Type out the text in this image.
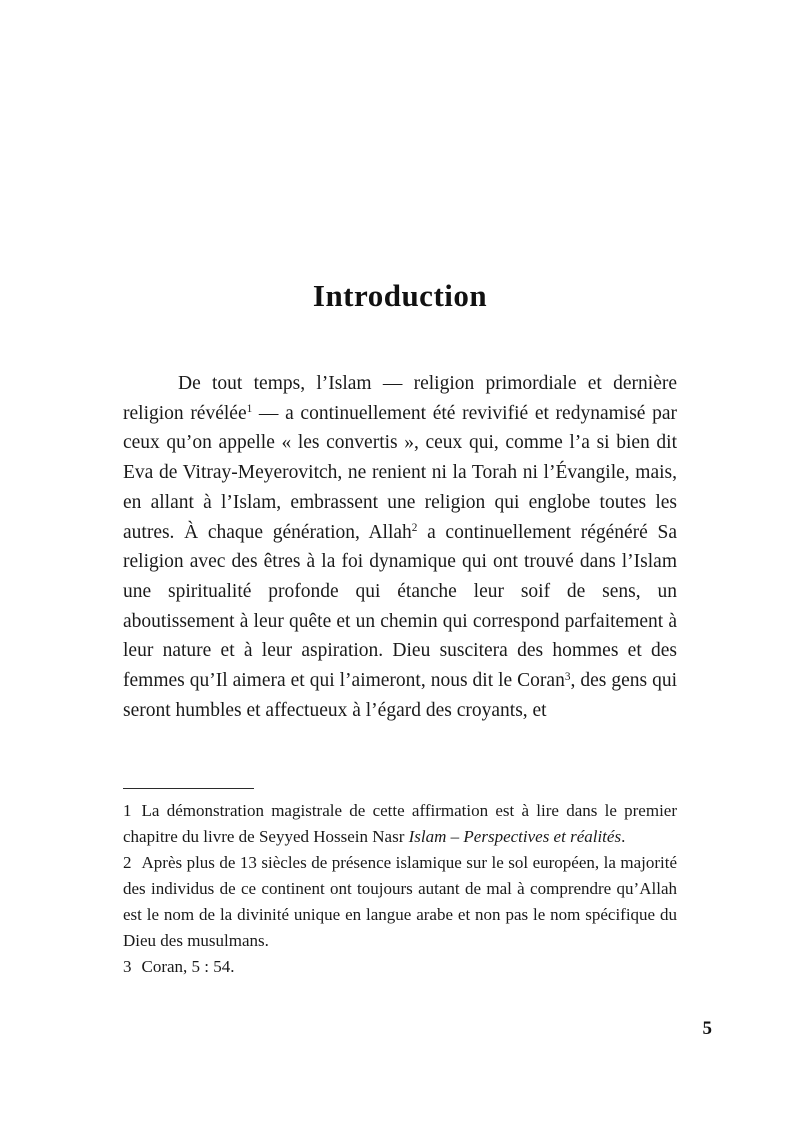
Introduction

De tout temps, l’Islam — religion primordiale et dernière religion révélée$^1$ — a continuellement été revivifié et redynamisé par ceux qu’on appelle « les convertis », ceux qui, comme l’a si bien dit Eva de Vitray-Meyerovitch, ne renient ni la Torah ni l’Évangile, mais, en allant à l’Islam, embrassent une religion qui englobe toutes les autres. À chaque génération, Allah$^2$ a continuellement régénéré Sa religion avec des êtres à la foi dynamique qui ont trouvé dans l’Islam une spiritualité profonde qui étanche leur soif de sens, un aboutissement à leur quête et un chemin qui correspond parfaitement à leur nature et à leur aspiration. Dieu suscitera des hommes et des femmes qu’Il aimera et qui l’aimeront, nous dit le Coran$^3$, des gens qui seront humbles et affectueux à l’égard des croyants, et

1 La démonstration magistrale de cette affirmation est à lire dans le premier chapitre du livre de Seyyed Hossein Nasr Islam – Perspectives et réalités.

2 Après plus de 13 siècles de présence islamique sur le sol européen, la majorité des individus de ce continent ont toujours autant de mal à comprendre qu’Allah est le nom de la divinité unique en langue arabe et non pas le nom spécifique du Dieu des musulmans.

3 Coran, 5 : 54.

5
